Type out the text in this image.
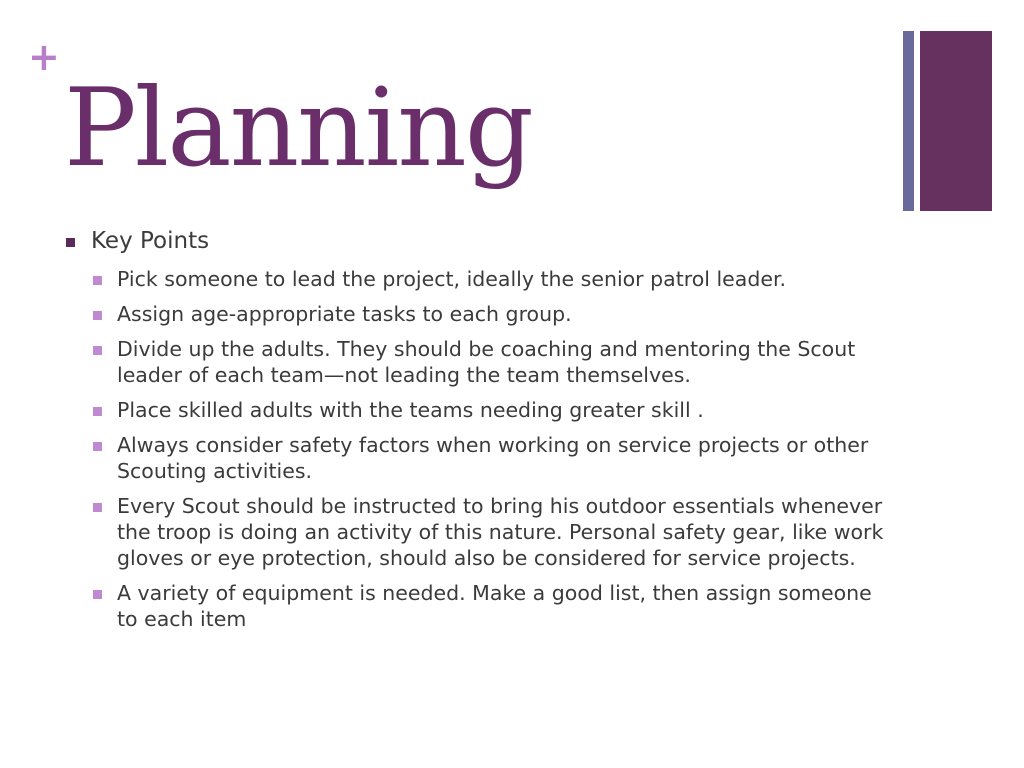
+
Planning
Key Points
Pick someone to lead the project, ideally the senior patrol leader.
Assign age-appropriate tasks to each group.
Divide up the adults. They should be coaching and mentoring the Scout leader of each team—not leading the team themselves.
Place skilled adults with the teams needing greater skill .
Always consider safety factors when working on service projects or other Scouting activities.
Every Scout should be instructed to bring his outdoor essentials whenever the troop is doing an activity of this nature. Personal safety gear, like work gloves or eye protection, should also be considered for service projects.
A variety of equipment is needed. Make a good list, then assign someone to each item
